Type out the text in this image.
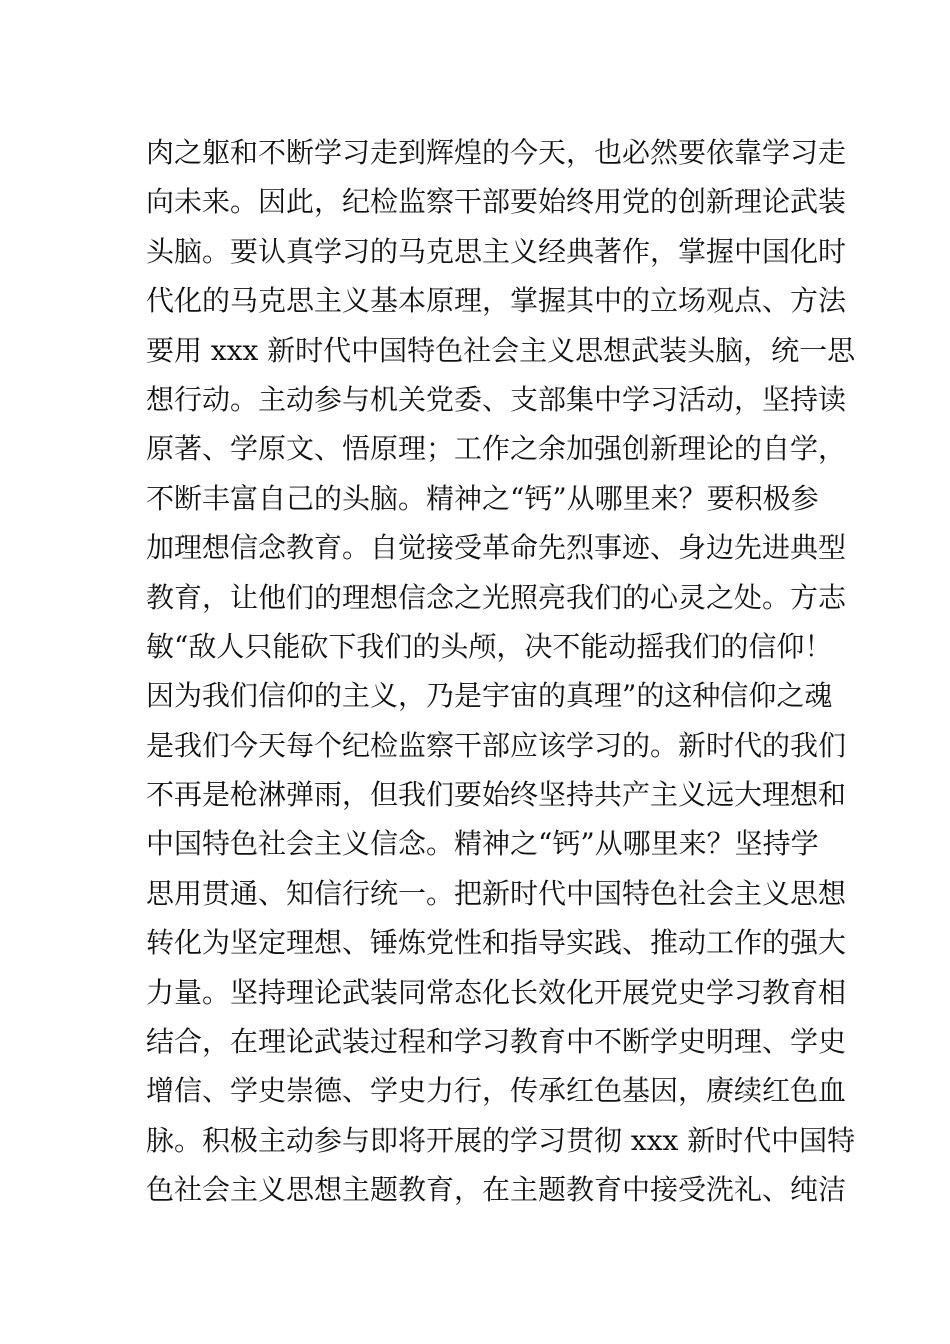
肉之躯和不断学习走到辉煌的今天，也必然要依靠学习走
向未来。因此，纪检监察干部要始终用党的创新理论武装
头脑。要认真学习的马克思主义经典著作，掌握中国化时
代化的马克思主义基本原理，掌握其中的立场观点、方法
要用 xxx 新时代中国特色社会主义思想武装头脑，统一思
想行动。主动参与机关党委、支部集中学习活动，坚持读
原著、学原文、悟原理；工作之余加强创新理论的自学，
不断丰富自己的头脑。精神之“钙”从哪里来？要积极参
加理想信念教育。自觉接受革命先烈事迹、身边先进典型
教育，让他们的理想信念之光照亮我们的心灵之处。方志
敏“敌人只能砍下我们的头颅，决不能动摇我们的信仰！
因为我们信仰的主义，乃是宇宙的真理”的这种信仰之魂
是我们今天每个纪检监察干部应该学习的。新时代的我们
不再是枪淋弹雨，但我们要始终坚持共产主义远大理想和
中国特色社会主义信念。精神之“钙”从哪里来？坚持学
思用贯通、知信行统一。把新时代中国特色社会主义思想
转化为坚定理想、锤炼党性和指导实践、推动工作的强大
力量。坚持理论武装同常态化长效化开展党史学习教育相
结合，在理论武装过程和学习教育中不断学史明理、学史
增信、学史崇德、学史力行，传承红色基因，赓续红色血
脉。积极主动参与即将开展的学习贯彻 xxx 新时代中国特
色社会主义思想主题教育，在主题教育中接受洗礼、纯洁
